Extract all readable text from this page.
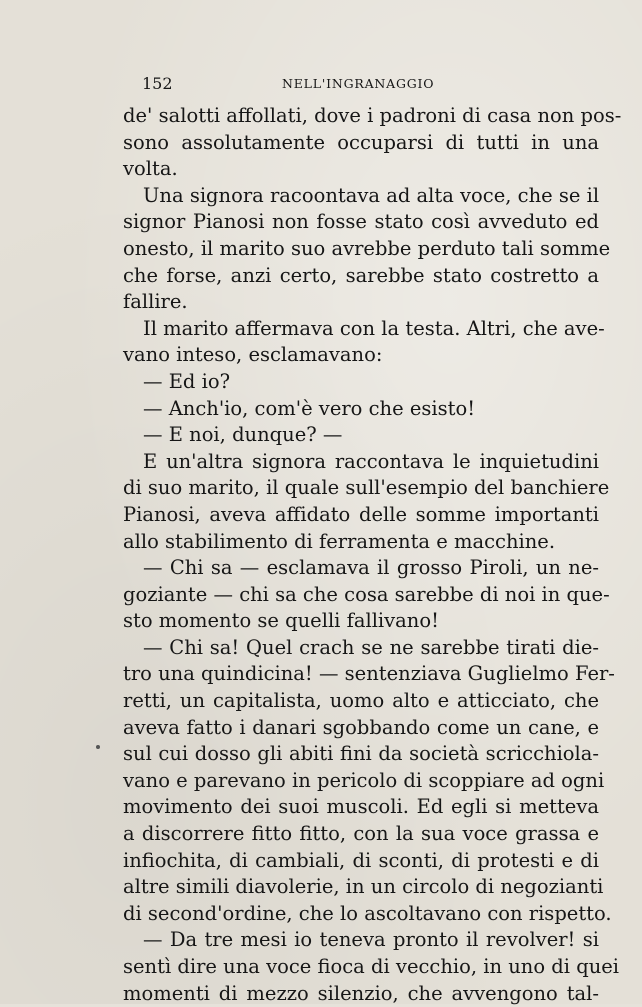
152	NELL'INGRANAGGIO
de' salotti affollati, dove i padroni di casa non pos-
sono assolutamente occuparsi di tutti in una
volta.
Una signora racoontava ad alta voce, che se il
signor Pianosi non fosse stato così avveduto ed
onesto, il marito suo avrebbe perduto tali somme
che forse, anzi certo, sarebbe stato costretto a
fallire.
Il marito affermava con la testa. Altri, che ave-
vano inteso, esclamavano:
— Ed io?
— Anch'io, com'è vero che esisto!
— E noi, dunque? —
E un'altra signora raccontava le inquietudini
di suo marito, il quale sull'esempio del banchiere
Pianosi, aveva affidato delle somme importanti
allo stabilimento di ferramenta e macchine.
— Chi sa — esclamava il grosso Piroli, un ne-
goziante — chi sa che cosa sarebbe di noi in que-
sto momento se quelli fallivano!
— Chi sa! Quel crach se ne sarebbe tirati die-
tro una quindicina! — sentenziava Guglielmo Fer-
retti, un capitalista, uomo alto e atticciato, che
aveva fatto i danari sgobbando come un cane, e
sul cui dosso gli abiti fini da società scricchiola-
vano e parevano in pericolo di scoppiare ad ogni
movimento dei suoi muscoli. Ed egli si metteva
a discorrere fitto fitto, con la sua voce grassa e
infiochita, di cambiali, di sconti, di protesti e di
altre simili diavolerie, in un circolo di negozianti
di second'ordine, che lo ascoltavano con rispetto.
— Da tre mesi io teneva pronto il revolver! si
sentì dire una voce fioca di vecchio, in uno di quei
momenti di mezzo silenzio, che avvengono tal-
